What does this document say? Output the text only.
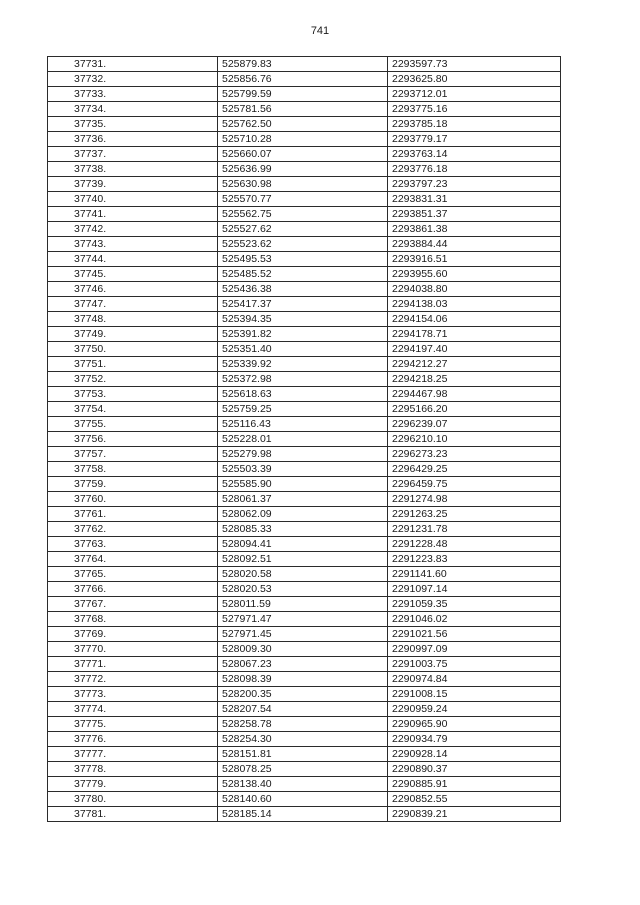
741
37731.	525879.83	2293597.73
37732.	525856.76	2293625.80
37733.	525799.59	2293712.01
37734.	525781.56	2293775.16
37735.	525762.50	2293785.18
37736.	525710.28	2293779.17
37737.	525660.07	2293763.14
37738.	525636.99	2293776.18
37739.	525630.98	2293797.23
37740.	525570.77	2293831.31
37741.	525562.75	2293851.37
37742.	525527.62	2293861.38
37743.	525523.62	2293884.44
37744.	525495.53	2293916.51
37745.	525485.52	2293955.60
37746.	525436.38	2294038.80
37747.	525417.37	2294138.03
37748.	525394.35	2294154.06
37749.	525391.82	2294178.71
37750.	525351.40	2294197.40
37751.	525339.92	2294212.27
37752.	525372.98	2294218.25
37753.	525618.63	2294467.98
37754.	525759.25	2295166.20
37755.	525116.43	2296239.07
37756.	525228.01	2296210.10
37757.	525279.98	2296273.23
37758.	525503.39	2296429.25
37759.	525585.90	2296459.75
37760.	528061.37	2291274.98
37761.	528062.09	2291263.25
37762.	528085.33	2291231.78
37763.	528094.41	2291228.48
37764.	528092.51	2291223.83
37765.	528020.58	2291141.60
37766.	528020.53	2291097.14
37767.	528011.59	2291059.35
37768.	527971.47	2291046.02
37769.	527971.45	2291021.56
37770.	528009.30	2290997.09
37771.	528067.23	2291003.75
37772.	528098.39	2290974.84
37773.	528200.35	2291008.15
37774.	528207.54	2290959.24
37775.	528258.78	2290965.90
37776.	528254.30	2290934.79
37777.	528151.81	2290928.14
37778.	528078.25	2290890.37
37779.	528138.40	2290885.91
37780.	528140.60	2290852.55
37781.	528185.14	2290839.21
